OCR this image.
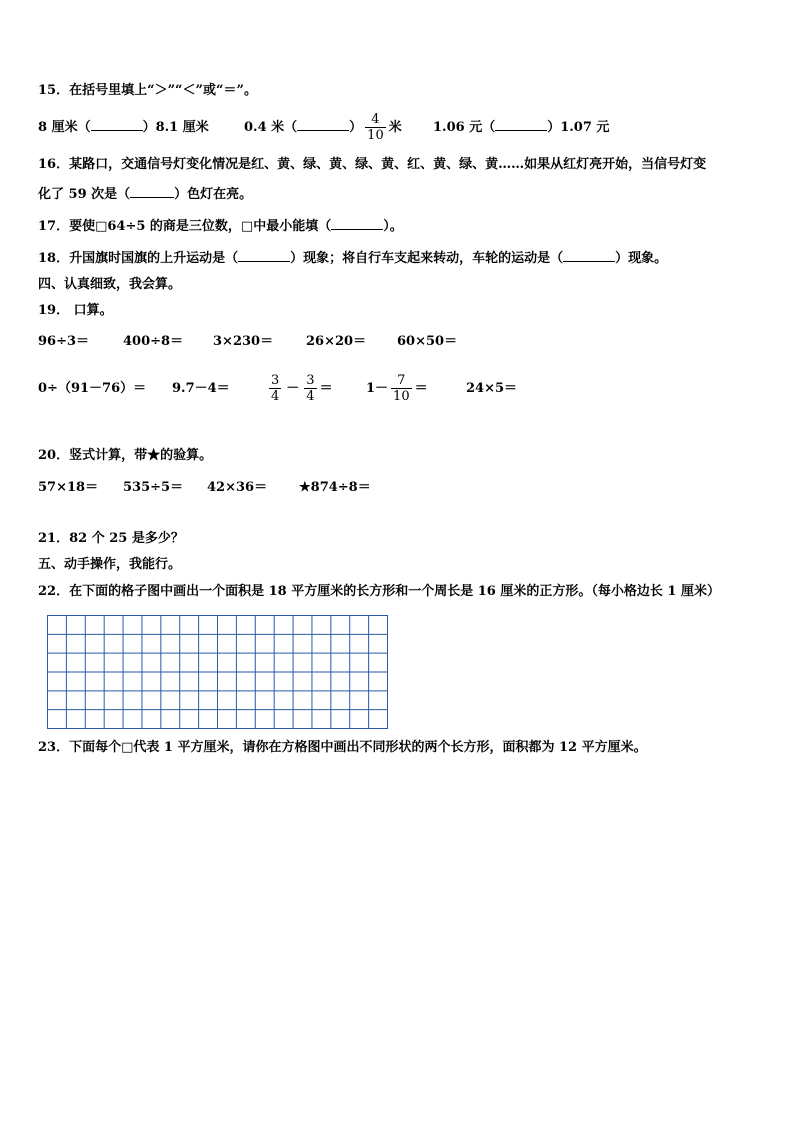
15．在括号里填上“＞”“＜”或“＝”。
8 厘米（	）8.1 厘米	0.4 米（	） $\frac{4}{10}$ 米 1.06 元（	）1.07 元
16．某路口，交通信号灯变化情况是红、黄、绿、黄、绿、黄、红、黄、绿、黄……如果从红灯亮开始，当信号灯变
化了 59 次是（	）色灯在亮。
17．要使□64÷5 的商是三位数，□中最小能填（	）。
18．升国旗时国旗的上升运动是（	）现象；将自行车支起来转动，车轮的运动是（	）现象。
四、认真细致，我会算。
19． 口算。
96÷3＝	400÷8＝ 3×230＝	26×20＝ 60×50＝
0÷（91－76）＝ 9.7－4＝	$\frac{3}{4} - \frac{3}{4}$ ＝	$1- \frac{7}{10}$ ＝	24×5＝
20．竖式计算，带★的验算。
57×18＝ 535÷5＝ 42×36＝ ★874÷8＝
21．82 个 25 是多少？
五、动手操作，我能行。
22．在下面的格子图中画出一个面积是 18 平方厘米的长方形和一个周长是 16 厘米的正方形。（每小格边长 1 厘米）
23．下面每个□代表 1 平方厘米，请你在方格图中画出不同形状的两个长方形，面积都为 12 平方厘米。
